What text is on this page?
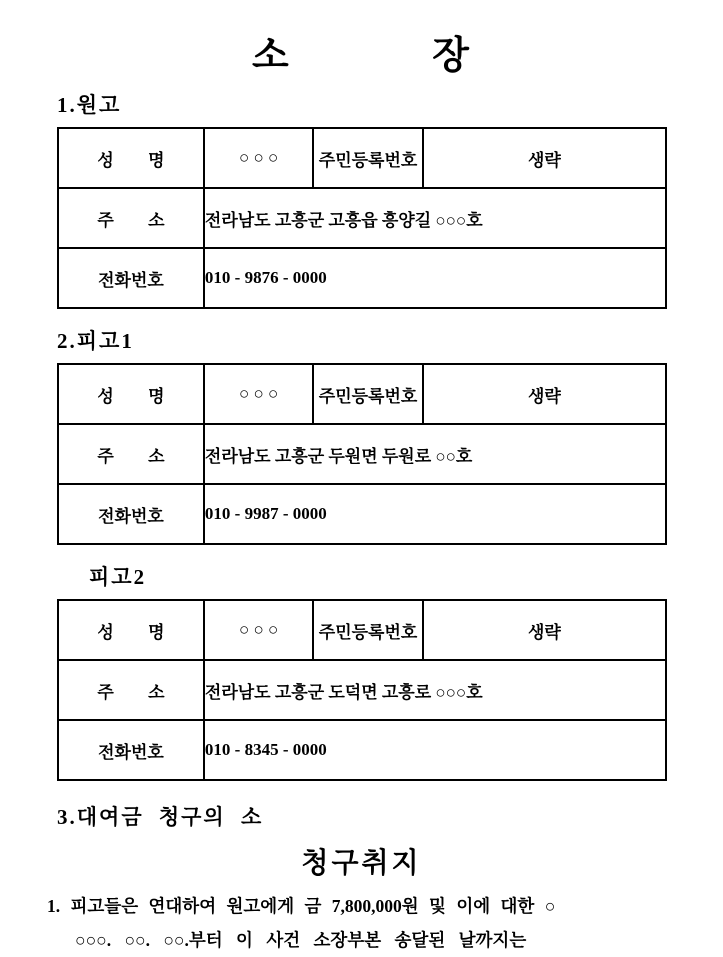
소 장
1.원고
성 명	○ ○ ○	주민등록번호	생략
주 소	전라남도 고흥군 고흥읍 흥양길 ○○○호		
전화번호	010 - 9876 - 0000		
2.피고1
성 명	○ ○ ○	주민등록번호	생략
주 소	전라남도 고흥군 두원면 두원로 ○○호		
전화번호	010 - 9987 - 0000		
피고2
성 명	○ ○ ○	주민등록번호	생략
주 소	전라남도 고흥군 도덕면 고흥로 ○○○호		
전화번호	010 - 8345 - 0000		
3.대여금 청구의 소
청구취지
1. 피고들은 연대하여 원고에게 금 7,800,000원 및 이에 대한 ○
○○○. ○○. ○○.부터 이 사건 소장부본 송달된 날까지는
